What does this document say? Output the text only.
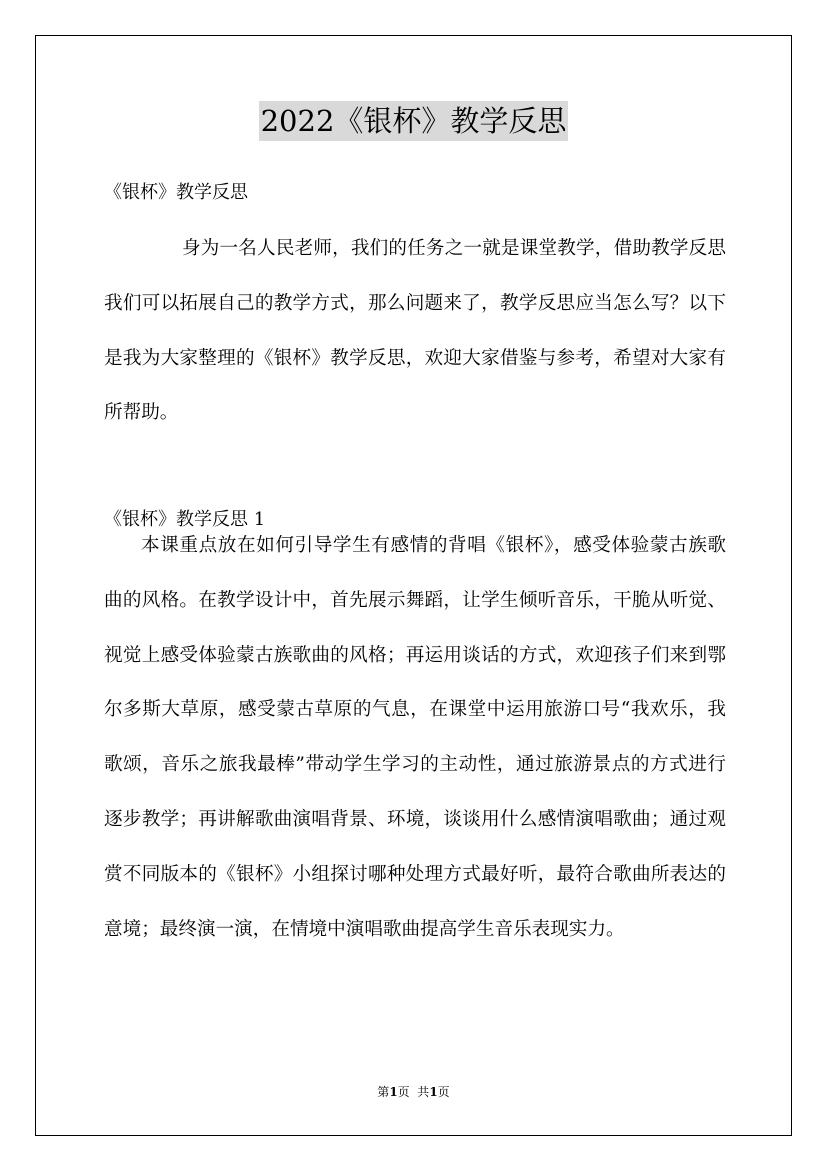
2022《银杯》教学反思
《银杯》教学反思

身为一名人民老师，我们的任务之一就是课堂教学，借助教学反思我们可以拓展自己的教学方式，那么问题来了，教学反思应当怎么写？以下是我为大家整理的《银杯》教学反思，欢迎大家借鉴与参考，希望对大家有所帮助。

《银杯》教学反思 1

本课重点放在如何引导学生有感情的背唱《银杯》，感受体验蒙古族歌曲的风格。在教学设计中，首先展示舞蹈，让学生倾听音乐，干脆从听觉、视觉上感受体验蒙古族歌曲的风格；再运用谈话的方式，欢迎孩子们来到鄂尔多斯大草原，感受蒙古草原的气息，在课堂中运用旅游口号“我欢乐，我歌颂，音乐之旅我最棒”带动学生学习的主动性，通过旅游景点的方式进行逐步教学；再讲解歌曲演唱背景、环境，谈谈用什么感情演唱歌曲；通过观赏不同版本的《银杯》小组探讨哪种处理方式最好听，最符合歌曲所表达的意境；最终演一演，在情境中演唱歌曲提高学生音乐表现实力。

第1页  共1页
